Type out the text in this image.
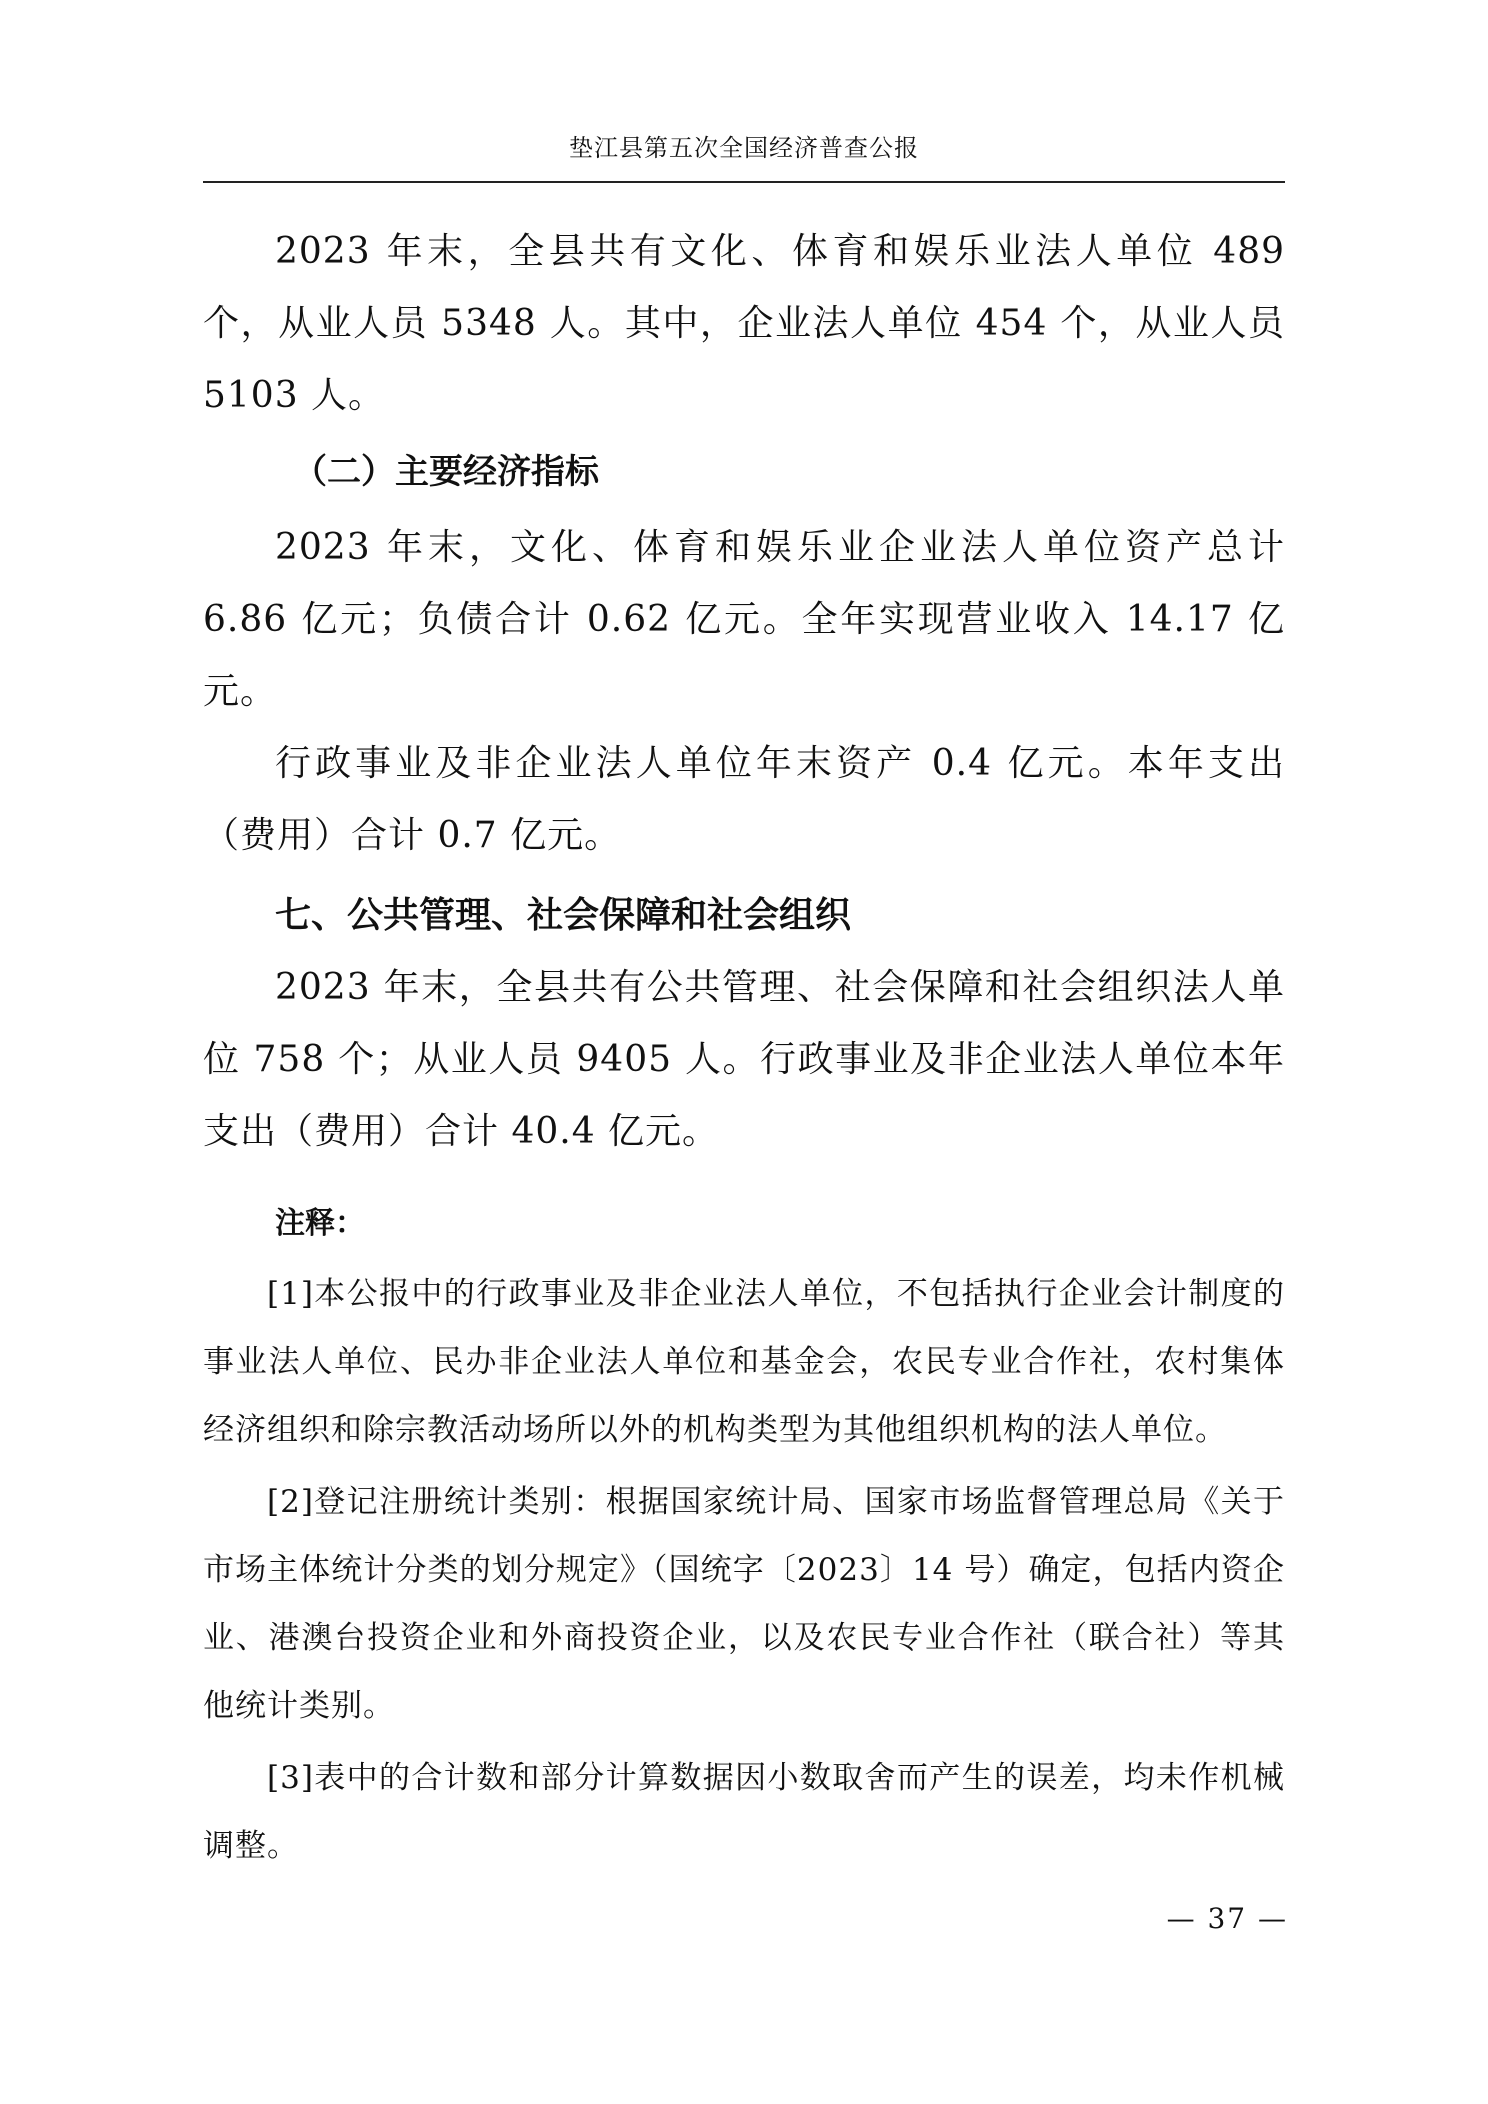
垫江县第五次全国经济普查公报

2023 年末，全县共有文化、体育和娱乐业法人单位 489 个，从业人员 5348 人。其中，企业法人单位 454 个，从业人员 5103 人。

（二）主要经济指标

2023 年末，文化、体育和娱乐业企业法人单位资产总计 6.86 亿元；负债合计 0.62 亿元。全年实现营业收入 14.17 亿元。

行政事业及非企业法人单位年末资产 0.4 亿元。本年支出（费用）合计 0.7 亿元。

七、公共管理、社会保障和社会组织

2023 年末，全县共有公共管理、社会保障和社会组织法人单位 758 个；从业人员 9405 人。行政事业及非企业法人单位本年支出（费用）合计 40.4 亿元。

注释：

[1]本公报中的行政事业及非企业法人单位，不包括执行企业会计制度的事业法人单位、民办非企业法人单位和基金会，农民专业合作社，农村集体经济组织和除宗教活动场所以外的机构类型为其他组织机构的法人单位。

[2]登记注册统计类别：根据国家统计局、国家市场监督管理总局《关于市场主体统计分类的划分规定》（国统字〔2023〕14 号）确定，包括内资企业、港澳台投资企业和外商投资企业，以及农民专业合作社（联合社）等其他统计类别。

[3]表中的合计数和部分计算数据因小数取舍而产生的误差，均未作机械调整。

— 37 —
